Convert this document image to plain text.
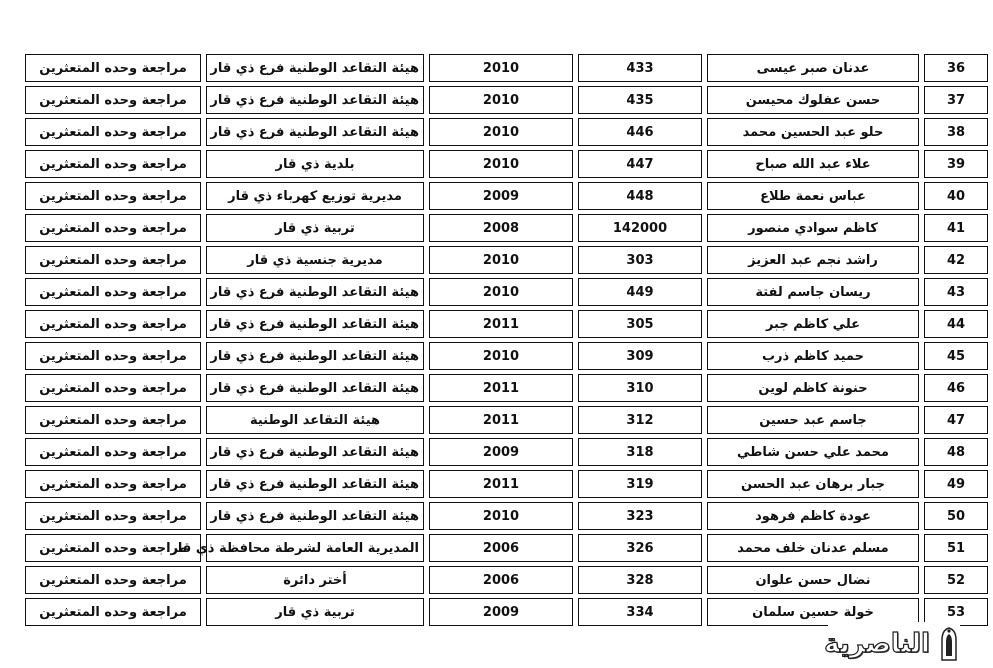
مراجعة وحده المتعثرين	هيئة التقاعد الوطنية فرع ذي قار	2010	433	عدنان صبر عيسى	36
مراجعة وحده المتعثرين	هيئة التقاعد الوطنية فرع ذي قار	2010	435	حسن عفلوك محيسن	37
مراجعة وحده المتعثرين	هيئة التقاعد الوطنية فرع ذي قار	2010	446	حلو عبد الحسين محمد	38
مراجعة وحده المتعثرين	بلدية ذي قار	2010	447	علاء عبد الله صباح	39
مراجعة وحده المتعثرين	مديرية توزيع كهرباء ذي قار	2009	448	عباس نعمة طلاع	40
مراجعة وحده المتعثرين	تربية ذي قار	2008	142000	كاظم سوادي منصور	41
مراجعة وحده المتعثرين	مديرية جنسية ذي قار	2010	303	راشد نجم عبد العزيز	42
مراجعة وحده المتعثرين	هيئة التقاعد الوطنية فرع ذي قار	2010	449	ريسان جاسم لفتة	43
مراجعة وحده المتعثرين	هيئة التقاعد الوطنية فرع ذي قار	2011	305	علي كاظم جبر	44
مراجعة وحده المتعثرين	هيئة التقاعد الوطنية فرع ذي قار	2010	309	حميد كاظم ذرب	45
مراجعة وحده المتعثرين	هيئة التقاعد الوطنية فرع ذي قار	2011	310	حنونة كاظم لوين	46
مراجعة وحده المتعثرين	هيئة التقاعد الوطنية	2011	312	جاسم عبد حسين	47
مراجعة وحده المتعثرين	هيئة التقاعد الوطنية فرع ذي قار	2009	318	محمد علي حسن شاطي	48
مراجعة وحده المتعثرين	هيئة التقاعد الوطنية فرع ذي قار	2011	319	جبار برهان عبد الحسن	49
مراجعة وحده المتعثرين	هيئة التقاعد الوطنية فرع ذي قار	2010	323	عودة كاظم فرهود	50
مراجعة وحده المتعثرين	المديرية العامة لشرطة محافظة ذي قار	2006	326	مسلم عدنان خلف محمد	51
مراجعة وحده المتعثرين	أختر دائرة	2006	328	نضال حسن علوان	52
مراجعة وحده المتعثرين	تربية ذي قار	2009	334	خولة حسين سلمان	53
الناصرية
